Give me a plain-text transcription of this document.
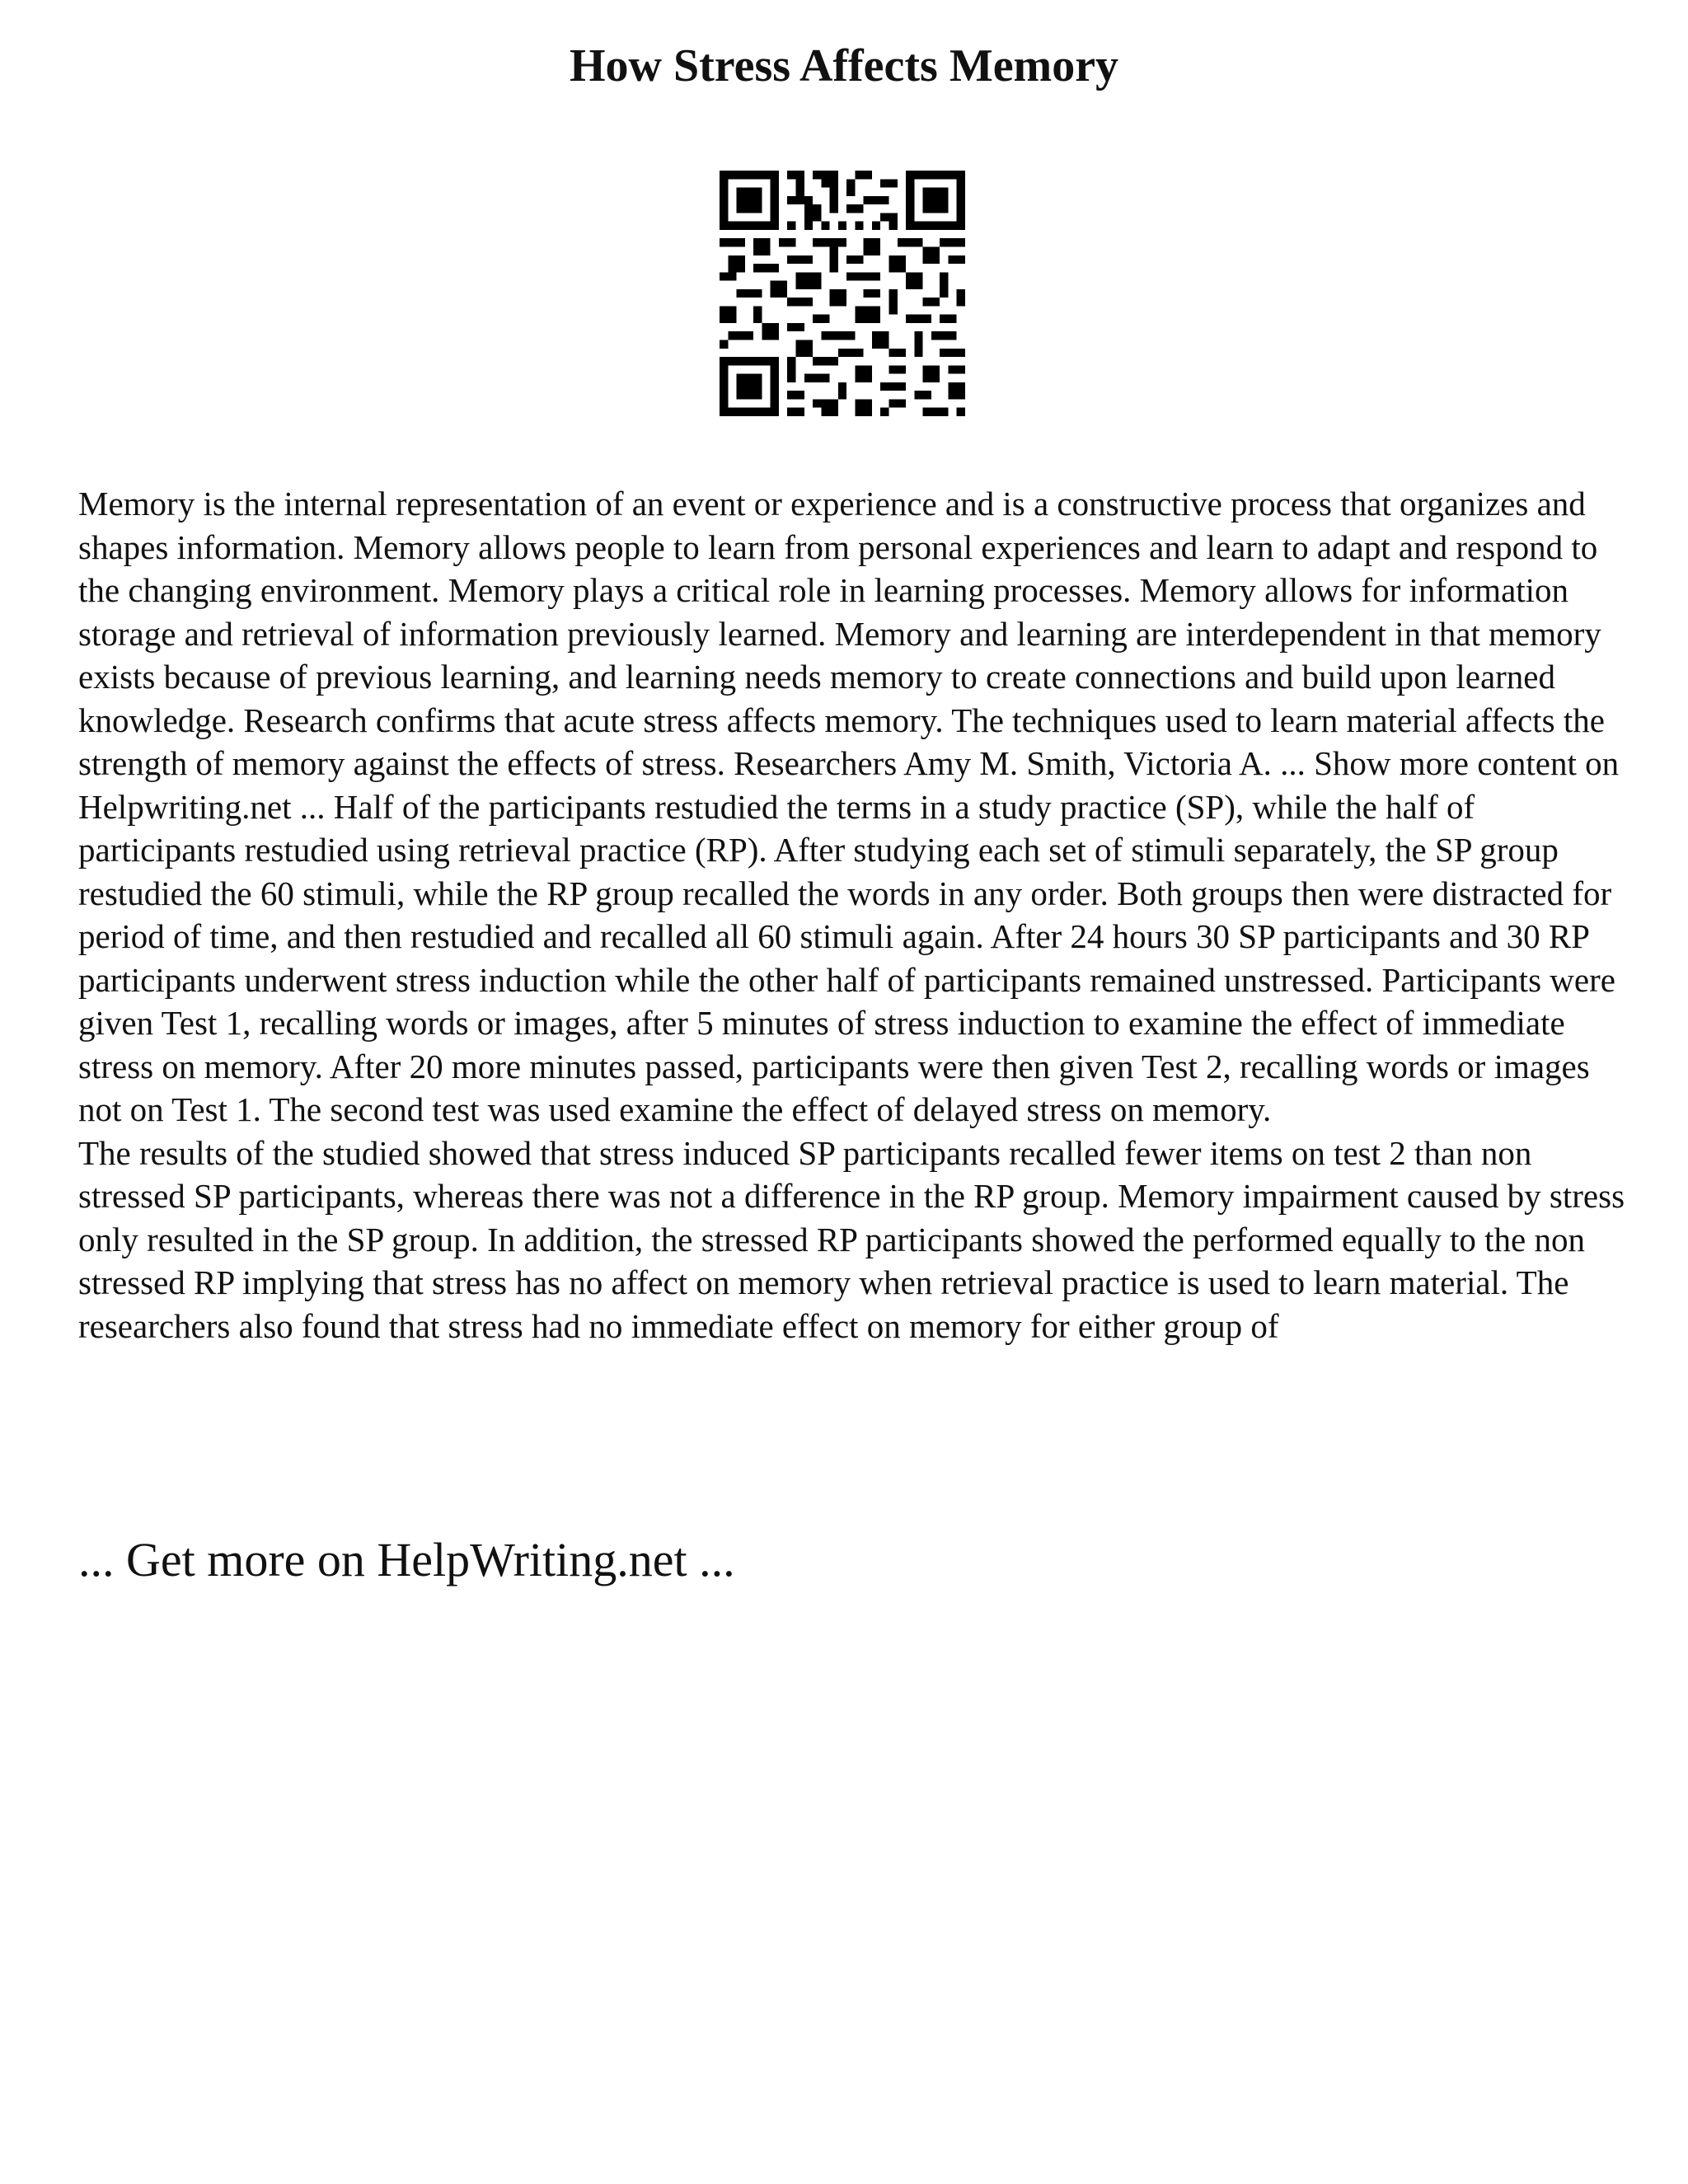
How Stress Affects Memory

Memory is the internal representation of an event or experience and is a constructive process that organizes and shapes information. Memory allows people to learn from personal experiences and learn to adapt and respond to the changing environment. Memory plays a critical role in learning processes. Memory allows for information storage and retrieval of information previously learned. Memory and learning are interdependent in that memory exists because of previous learning, and learning needs memory to create connections and build upon learned knowledge. Research confirms that acute stress affects memory. The techniques used to learn material affects the strength of memory against the effects of stress. Researchers Amy M. Smith, Victoria A. ... Show more content on Helpwriting.net ... Half of the participants restudied the terms in a study practice (SP), while the half of participants restudied using retrieval practice (RP). After studying each set of stimuli separately, the SP group restudied the 60 stimuli, while the RP group recalled the words in any order. Both groups then were distracted for period of time, and then restudied and recalled all 60 stimuli again. After 24 hours 30 SP participants and 30 RP participants underwent stress induction while the other half of participants remained unstressed. Participants were given Test 1, recalling words or images, after 5 minutes of stress induction to examine the effect of immediate stress on memory. After 20 more minutes passed, participants were then given Test 2, recalling words or images not on Test 1. The second test was used examine the effect of delayed stress on memory.

The results of the studied showed that stress induced SP participants recalled fewer items on test 2 than non stressed SP participants, whereas there was not a difference in the RP group. Memory impairment caused by stress only resulted in the SP group. In addition, the stressed RP participants showed the performed equally to the non stressed RP implying that stress has no affect on memory when retrieval practice is used to learn material. The researchers also found that stress had no immediate effect on memory for either group of

... Get more on HelpWriting.net ...
